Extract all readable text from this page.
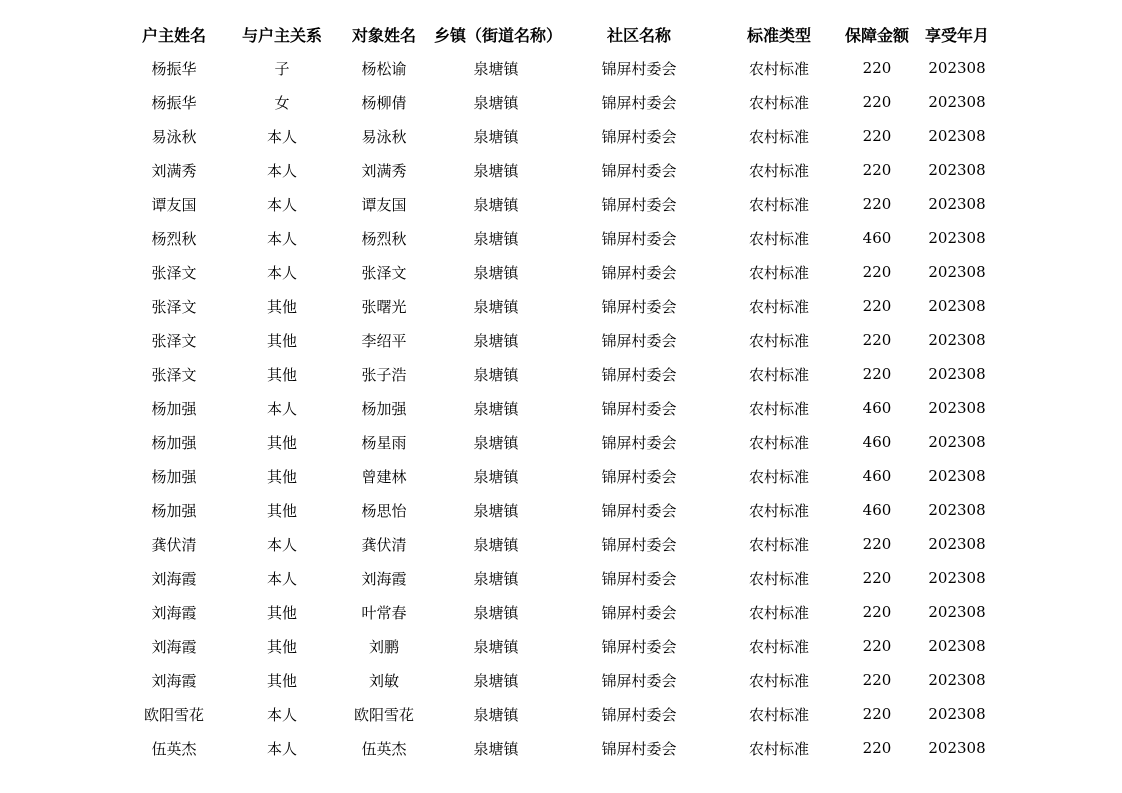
户主姓名	与户主关系	对象姓名	乡镇（街道名称）	社区名称	标准类型	保障金额	享受年月
杨振华	子	杨松谕	泉塘镇	锦屏村委会	农村标准	220	202308
杨振华	女	杨柳倩	泉塘镇	锦屏村委会	农村标准	220	202308
易泳秋	本人	易泳秋	泉塘镇	锦屏村委会	农村标准	220	202308
刘满秀	本人	刘满秀	泉塘镇	锦屏村委会	农村标准	220	202308
谭友国	本人	谭友国	泉塘镇	锦屏村委会	农村标准	220	202308
杨烈秋	本人	杨烈秋	泉塘镇	锦屏村委会	农村标准	460	202308
张泽文	本人	张泽文	泉塘镇	锦屏村委会	农村标准	220	202308
张泽文	其他	张曙光	泉塘镇	锦屏村委会	农村标准	220	202308
张泽文	其他	李绍平	泉塘镇	锦屏村委会	农村标准	220	202308
张泽文	其他	张子浩	泉塘镇	锦屏村委会	农村标准	220	202308
杨加强	本人	杨加强	泉塘镇	锦屏村委会	农村标准	460	202308
杨加强	其他	杨星雨	泉塘镇	锦屏村委会	农村标准	460	202308
杨加强	其他	曾建林	泉塘镇	锦屏村委会	农村标准	460	202308
杨加强	其他	杨思怡	泉塘镇	锦屏村委会	农村标准	460	202308
龚伏清	本人	龚伏清	泉塘镇	锦屏村委会	农村标准	220	202308
刘海霞	本人	刘海霞	泉塘镇	锦屏村委会	农村标准	220	202308
刘海霞	其他	叶常春	泉塘镇	锦屏村委会	农村标准	220	202308
刘海霞	其他	刘鹏	泉塘镇	锦屏村委会	农村标准	220	202308
刘海霞	其他	刘敏	泉塘镇	锦屏村委会	农村标准	220	202308
欧阳雪花	本人	欧阳雪花	泉塘镇	锦屏村委会	农村标准	220	202308
伍英杰	本人	伍英杰	泉塘镇	锦屏村委会	农村标准	220	202308
